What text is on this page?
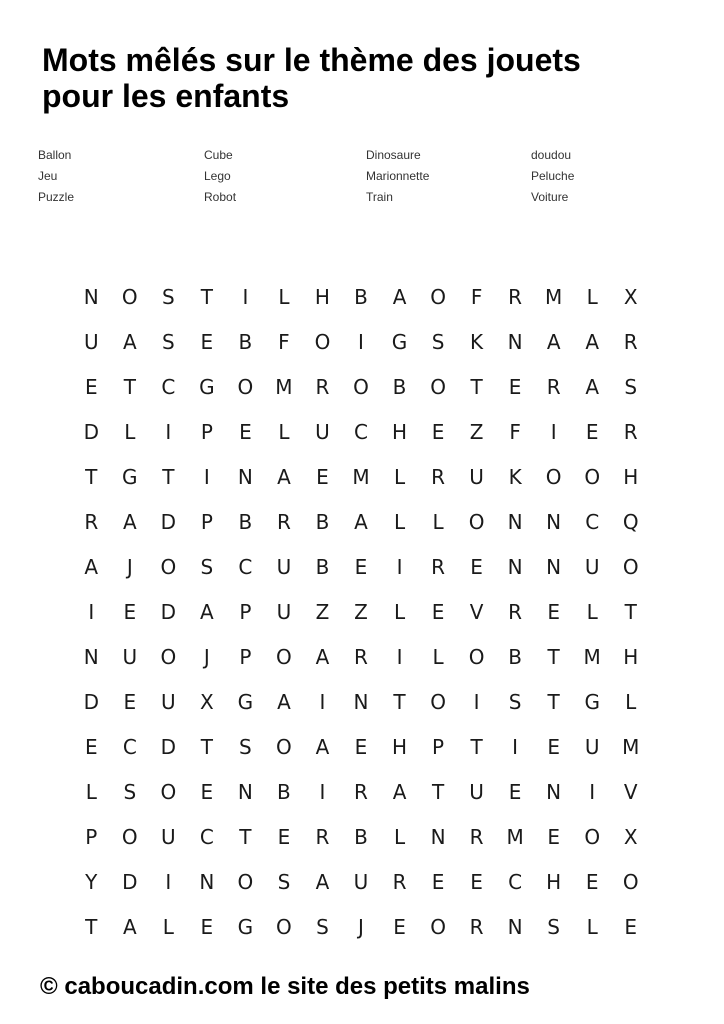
Mots mêlés sur le thème des jouets
pour les enfants
Ballon	Cube	Dinosaure	doudou
Jeu	Lego	Marionnette	Peluche
Puzzle	Robot	Train	Voiture
N	O	S	T	I	L	H	B	A	O	F	R	M	L	X
U	A	S	E	B	F	O	I	G	S	K	N	A	A	R
E	T	C	G	O	M	R	O	B	O	T	E	R	A	S
D	L	I	P	E	L	U	C	H	E	Z	F	I	E	R
T	G	T	I	N	A	E	M	L	R	U	K	O	O	H
R	A	D	P	B	R	B	A	L	L	O	N	N	C	Q
A	J	O	S	C	U	B	E	I	R	E	N	N	U	O
I	E	D	A	P	U	Z	Z	L	E	V	R	E	L	T
N	U	O	J	P	O	A	R	I	L	O	B	T	M	H
D	E	U	X	G	A	I	N	T	O	I	S	T	G	L
E	C	D	T	S	O	A	E	H	P	T	I	E	U	M
L	S	O	E	N	B	I	R	A	T	U	E	N	I	V
P	O	U	C	T	E	R	B	L	N	R	M	E	O	X
Y	D	I	N	O	S	A	U	R	E	E	C	H	E	O
T	A	L	E	G	O	S	J	E	O	R	N	S	L	E

© caboucadin.com le site des petits malins
